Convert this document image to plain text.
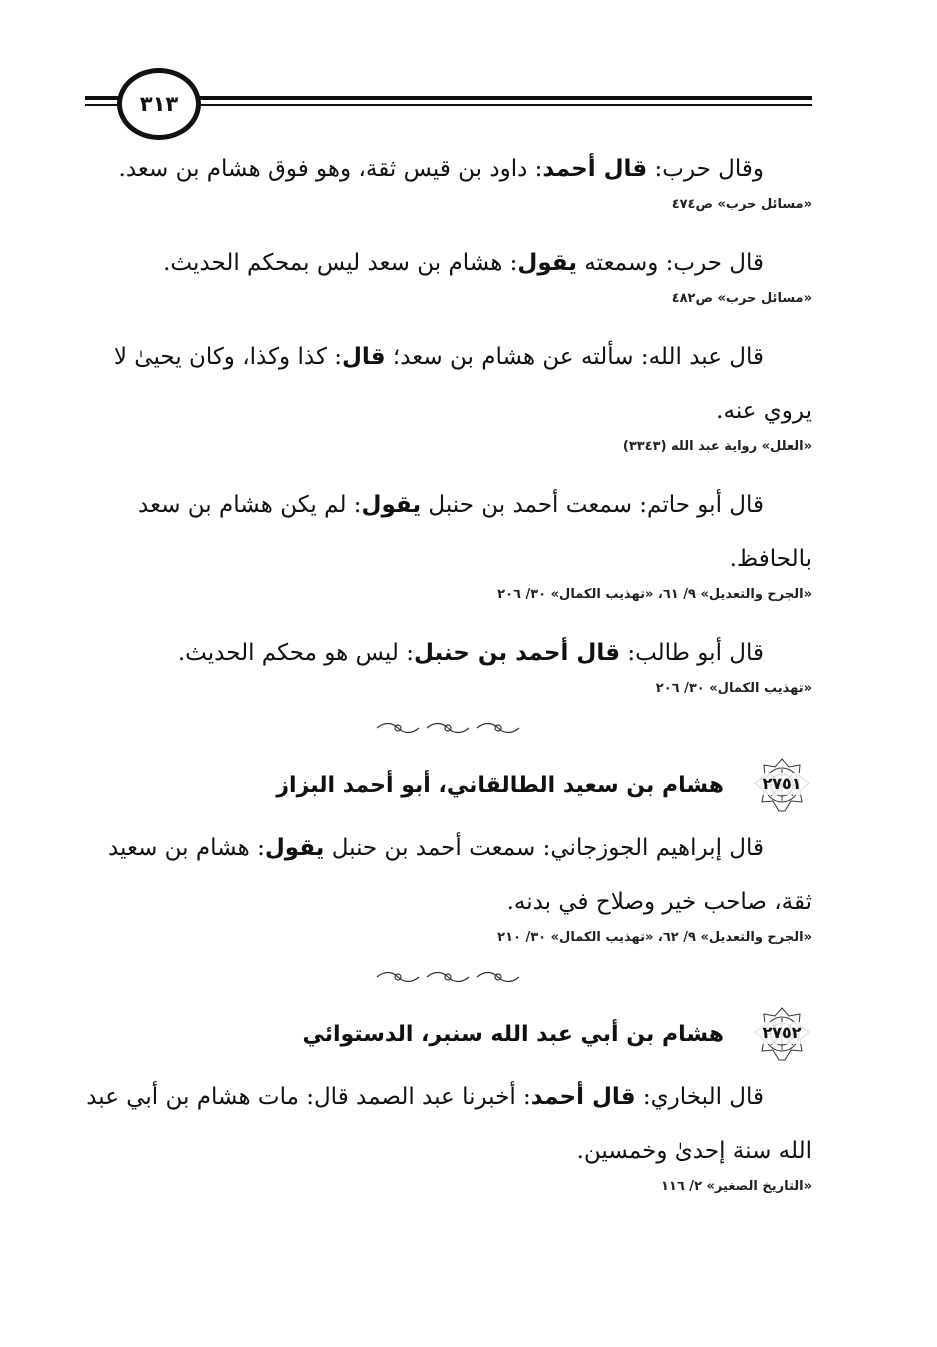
٣١٣

وقال حرب: قال أحمد: داود بن قيس ثقة، وهو فوق هشام بن سعد.

«مسائل حرب» ص٤٧٤

قال حرب: وسمعته يقول: هشام بن سعد ليس بمحكم الحديث.

«مسائل حرب» ص٤٨٢

قال عبد الله: سألته عن هشام بن سعد؛ قال: كذا وكذا، وكان يحيىٰ لا يروي عنه.

«العلل» رواية عبد الله (٣٣٤٣)

قال أبو حاتم: سمعت أحمد بن حنبل يقول: لم يكن هشام بن سعد بالحافظ.

«الجرح والتعديل» ٩/ ٦١، «تهذيب الكمال» ٣٠/ ٢٠٦

قال أبو طالب: قال أحمد بن حنبل: ليس هو محكم الحديث.

«تهذيب الكمال» ٣٠/ ٢٠٦

٢٧٥١
هشام بن سعيد الطالقاني، أبو أحمد البزاز

قال إبراهيم الجوزجاني: سمعت أحمد بن حنبل يقول: هشام بن سعيد ثقة، صاحب خير وصلاح في بدنه.

«الجرح والتعديل» ٩/ ٦٢، «تهذيب الكمال» ٣٠/ ٢١٠

٢٧٥٢
هشام بن أبي عبد الله سنبر، الدستوائي

قال البخاري: قال أحمد: أخبرنا عبد الصمد قال: مات هشام بن أبي عبد الله سنة إحدىٰ وخمسين.

«التاريخ الصغير» ٢/ ١١٦
